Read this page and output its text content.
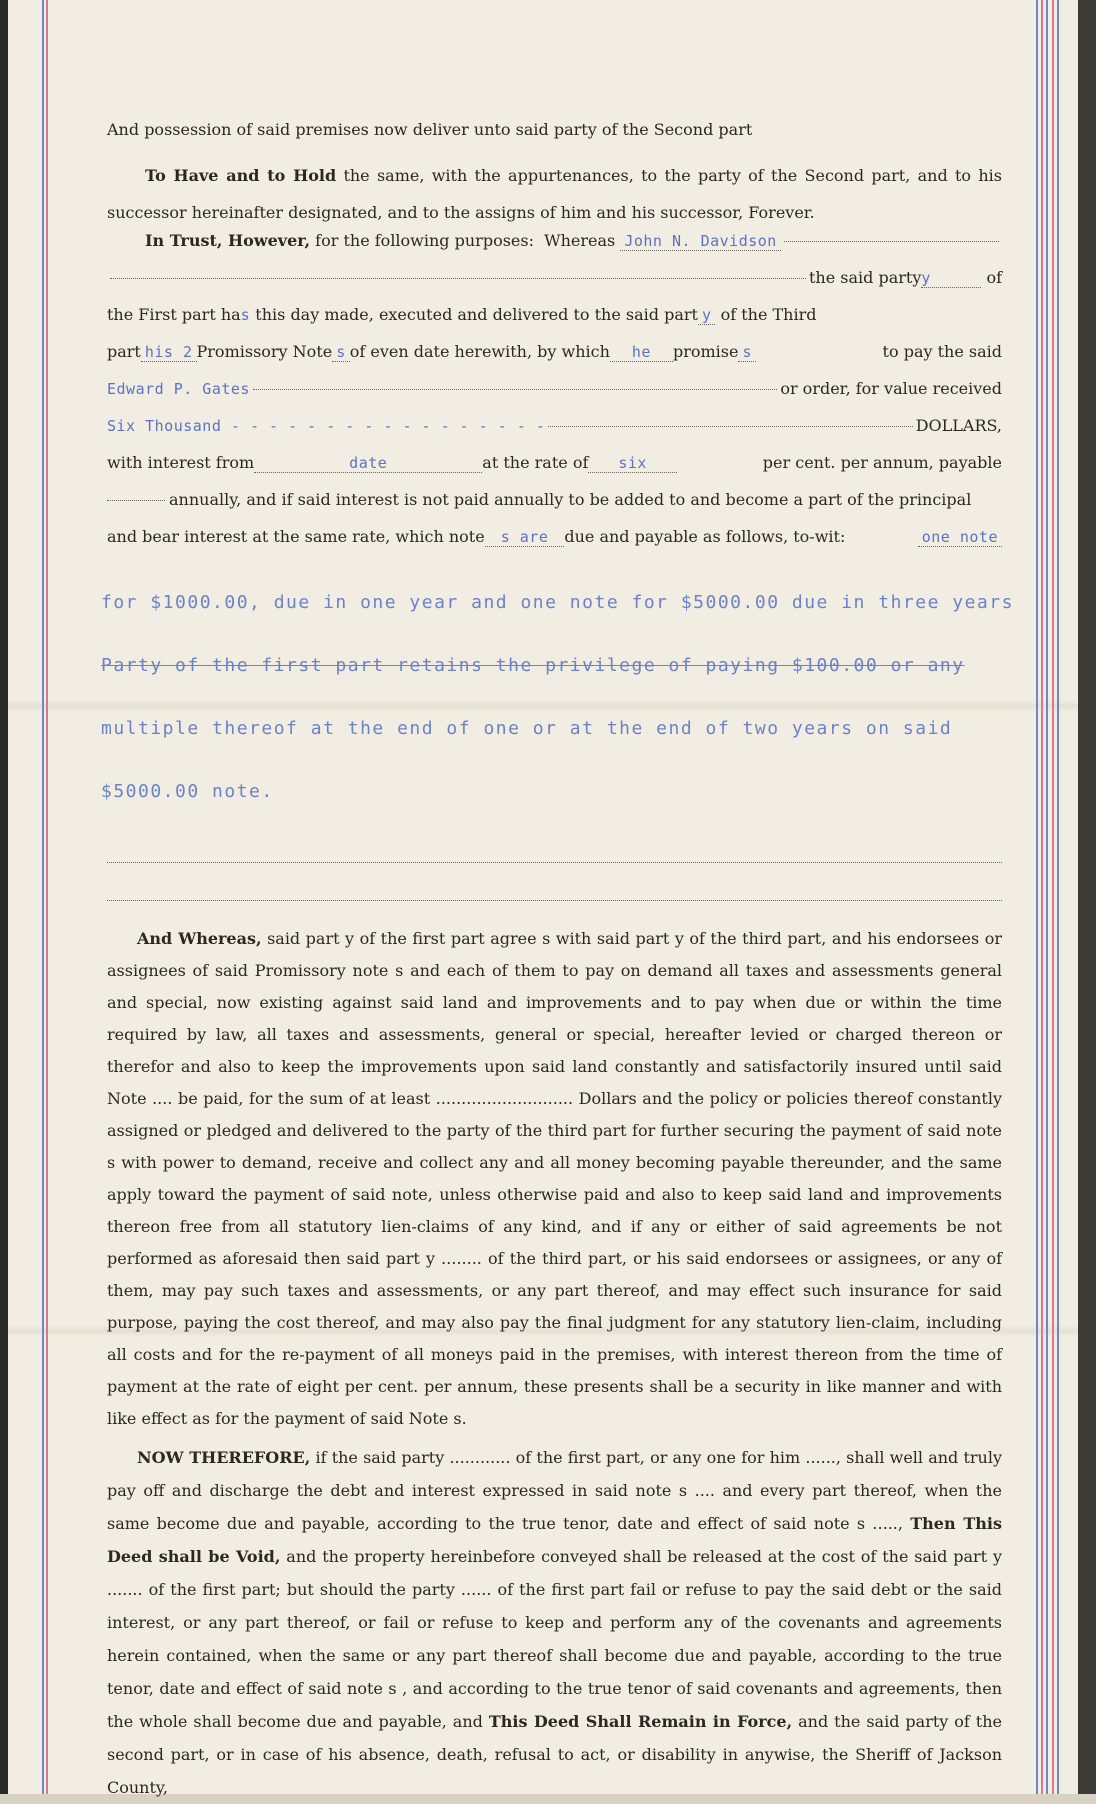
And possession of said premises now deliver unto said party of the Second part
To Have and to Hold the same, with the appurtenances, to the party of the Second part, and to his successor hereinafter designated, and to the assigns of him and his successor, Forever.
In Trust, However, for the following purposes:  Whereas John N. Davidson
the said party y	of
the First part has this day made, executed and delivered to the said part y of the Third
part his 2 Promissory Note s of even date herewith, by which	he	promise s	to pay the said
Edward P. Gates	or order, for value received
Six Thousand - - - - - - - - - - - - - - - - -	DOLLARS,
with interest from	date	at the rate of	six	per cent. per annum, payable
annually, and if said interest is not paid annually to be added to and become a part of the principal
and bear interest at the same rate, which note	s are	due and payable as follows, to-wit:	one note

for $1000.00, due in one year and one note for $5000.00 due in three years

Party of the first part retains the privilege of paying $100.00 or any

multiple thereof at the end of one or at the end of two years on said

$5000.00 note.

And Whereas, said part y of the first part agree s with said part y of the third part, and his endorsees or assignees of said Promissory note s and each of them to pay on demand all taxes and assessments general and special, now existing against said land and improvements and to pay when due or within the time required by law, all taxes and assessments, general or special, hereafter levied or charged thereon or therefor and also to keep the improvements upon said land constantly and satisfactorily insured until said Note .... be paid, for the sum of at least ........................... Dollars and the policy or policies thereof constantly assigned or pledged and delivered to the party of the third part for further securing the payment of said note s with power to demand, receive and collect any and all money becoming payable thereunder, and the same apply toward the payment of said note, unless otherwise paid and also to keep said land and improvements thereon free from all statutory lien-claims of any kind, and if any or either of said agreements be not performed as aforesaid then said part y ........ of the third part, or his said endorsees or assignees, or any of them, may pay such taxes and assessments, or any part thereof, and may effect such insurance for said purpose, paying the cost thereof, and may also pay the final judgment for any statutory lien-claim, including all costs and for the re-payment of all moneys paid in the premises, with interest thereon from the time of payment at the rate of eight per cent. per annum, these presents shall be a security in like manner and with like effect as for the payment of said Note s.
NOW THEREFORE, if the said party ............ of the first part, or any one for him ......, shall well and truly pay off and discharge the debt and interest expressed in said note s .... and every part thereof, when the same become due and payable, according to the true tenor, date and effect of said note s ....., Then This Deed shall be Void, and the property hereinbefore conveyed shall be released at the cost of the said part y ....... of the first part; but should the party ...... of the first part fail or refuse to pay the said debt or the said interest, or any part thereof, or fail or refuse to keep and perform any of the covenants and agreements herein contained, when the same or any part thereof shall become due and payable, according to the true tenor, date and effect of said note s , and according to the true tenor of said covenants and agreements, then the whole shall become due and payable, and This Deed Shall Remain in Force, and the said party of the second part, or in case of his absence, death, refusal to act, or disability in anywise, the Sheriff of Jackson County,
